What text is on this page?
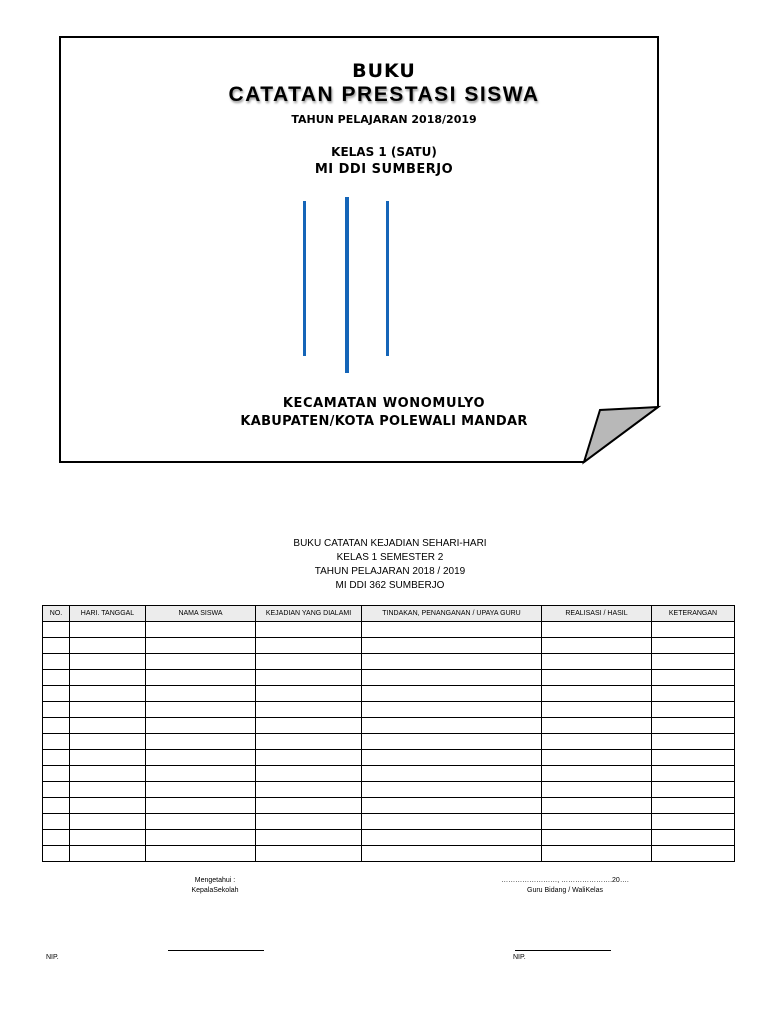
BUKU
CATATAN PRESTASI SISWA
TAHUN PELAJARAN 2018/2019
KELAS 1 (SATU)
MI DDI SUMBERJO
KECAMATAN WONOMULYO
KABUPATEN/KOTA POLEWALI MANDAR
BUKU CATATAN KEJADIAN SEHARI-HARI
KELAS 1 SEMESTER 2
TAHUN PELAJARAN 2018 / 2019
MI DDI 362 SUMBERJO
NO.	HARI. TANGGAL	NAMA SISWA	KEJADIAN YANG DIALAMI	TINDAKAN, PENANGANAN / UPAYA GURU	REALISASI / HASIL	KETERANGAN

Mengetahui :
KepalaSekolah
……………………, ………………….20….
Guru Bidang / WaliKelas
NIP.	NIP.
